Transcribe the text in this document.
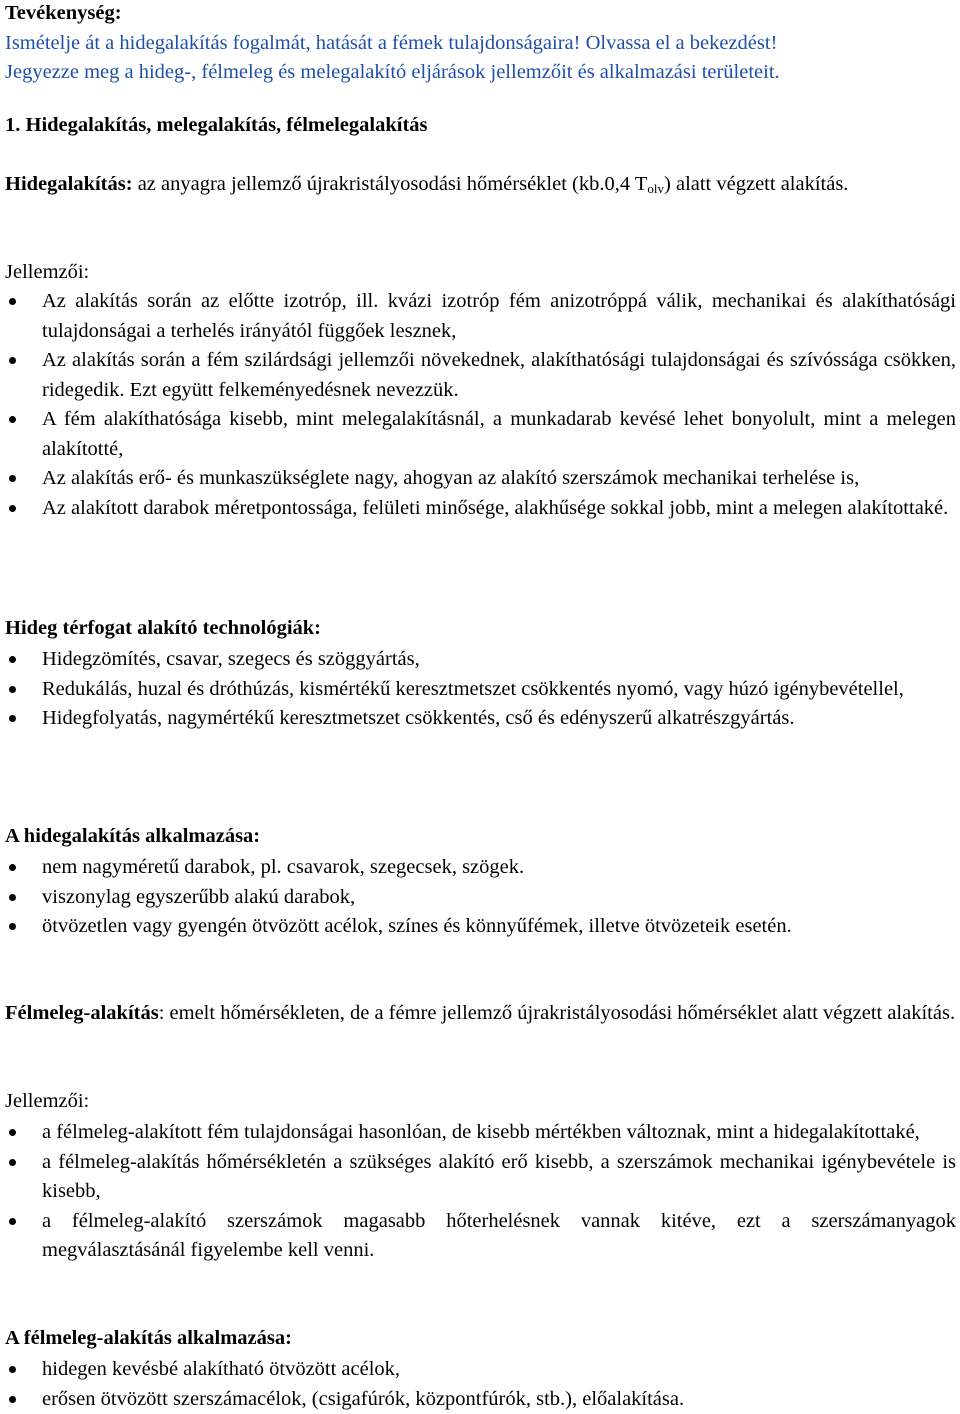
Tevékenység:
Ismételje át a hidegalakítás fogalmát, hatását a fémek tulajdonságaira! Olvassa el a bekezdést!
Jegyezze meg a hideg-, félmeleg és melegalakító eljárások jellemzőit és alkalmazási területeit.
1. Hidegalakítás, melegalakítás, félmelegalakítás
Hidegalakítás: az anyagra jellemző újrakristályosodási hőmérséklet (kb.0,4 $T_{olv}$) alatt végzett alakítás.
Jellemzői:
Az alakítás során az előtte izotróp, ill. kvázi izotróp fém anizotróppá válik, mechanikai és alakíthatósági tulajdonságai a terhelés irányától függőek lesznek,
Az alakítás során a fém szilárdsági jellemzői növekednek, alakíthatósági tulajdonságai és szívóssága csökken, ridegedik. Ezt együtt felkeményedésnek nevezzük.
A fém alakíthatósága kisebb, mint melegalakításnál, a munkadarab kevésé lehet bonyolult, mint a melegen alakítotté,
Az alakítás erő- és munkaszükséglete nagy, ahogyan az alakító szerszámok mechanikai terhelése is,
Az alakított darabok méretpontossága, felületi minősége, alakhűsége sokkal jobb, mint a melegen alakítottaké.
Hideg térfogat alakító technológiák:
Hidegzömítés, csavar, szegecs és szöggyártás,
Redukálás, huzal és dróthúzás, kismértékű keresztmetszet csökkentés nyomó, vagy húzó igénybevétellel,
Hidegfolyatás, nagymértékű keresztmetszet csökkentés, cső és edényszerű alkatrészgyártás.
A hidegalakítás alkalmazása:
nem nagyméretű darabok, pl. csavarok, szegecsek, szögek.
viszonylag egyszerűbb alakú darabok,
ötvözetlen vagy gyengén ötvözött acélok, színes és könnyűfémek, illetve ötvözeteik esetén.
Félmeleg-alakítás: emelt hőmérsékleten, de a fémre jellemző újrakristályosodási hőmérséklet alatt végzett alakítás.
Jellemzői:
a félmeleg-alakított fém tulajdonságai hasonlóan, de kisebb mértékben változnak, mint a hidegalakítottaké,
a félmeleg-alakítás hőmérsékletén a szükséges alakító erő kisebb, a szerszámok mechanikai igénybevétele is kisebb,
a félmeleg-alakító szerszámok magasabb hőterhelésnek vannak kitéve, ezt a szerszámanyagok megválasztásánál figyelembe kell venni.
A félmeleg-alakítás alkalmazása:
hidegen kevésbé alakítható ötvözött acélok,
erősen ötvözött szerszámacélok, (csigafúrók, központfúrók, stb.), előalakítása.
